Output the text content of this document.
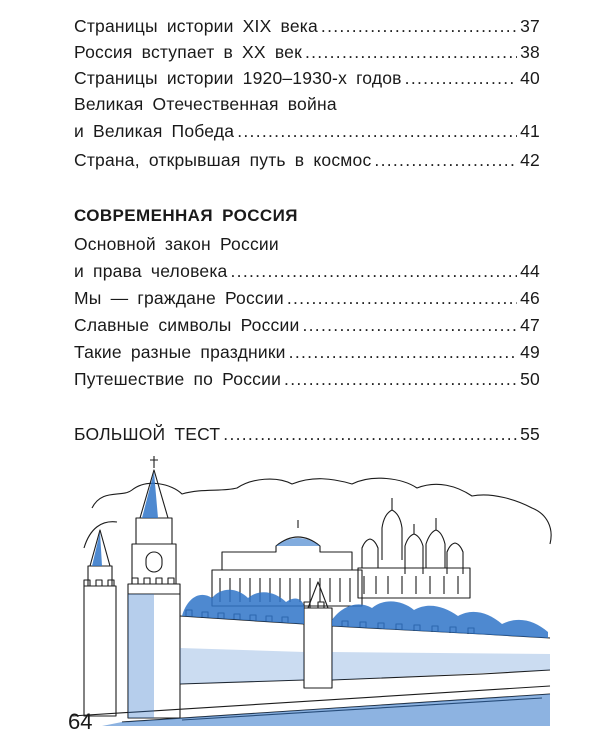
Страницы истории XIX века .....	37
Россия вступает в XX век .....	38
Страницы истории 1920–1930-х годов .....	40
Великая Отечественная война
и Великая Победа .....	41
Страна, открывшая путь в космос .....	42
СОВРЕМЕННАЯ РОССИЯ
Основной закон России
и права человека .....	44
Мы — граждане России .....	46
Славные символы России .....	47
Такие разные праздники .....	49
Путешествие по России .....	50
БОЛЬШОЙ ТЕСТ .....	55
64
